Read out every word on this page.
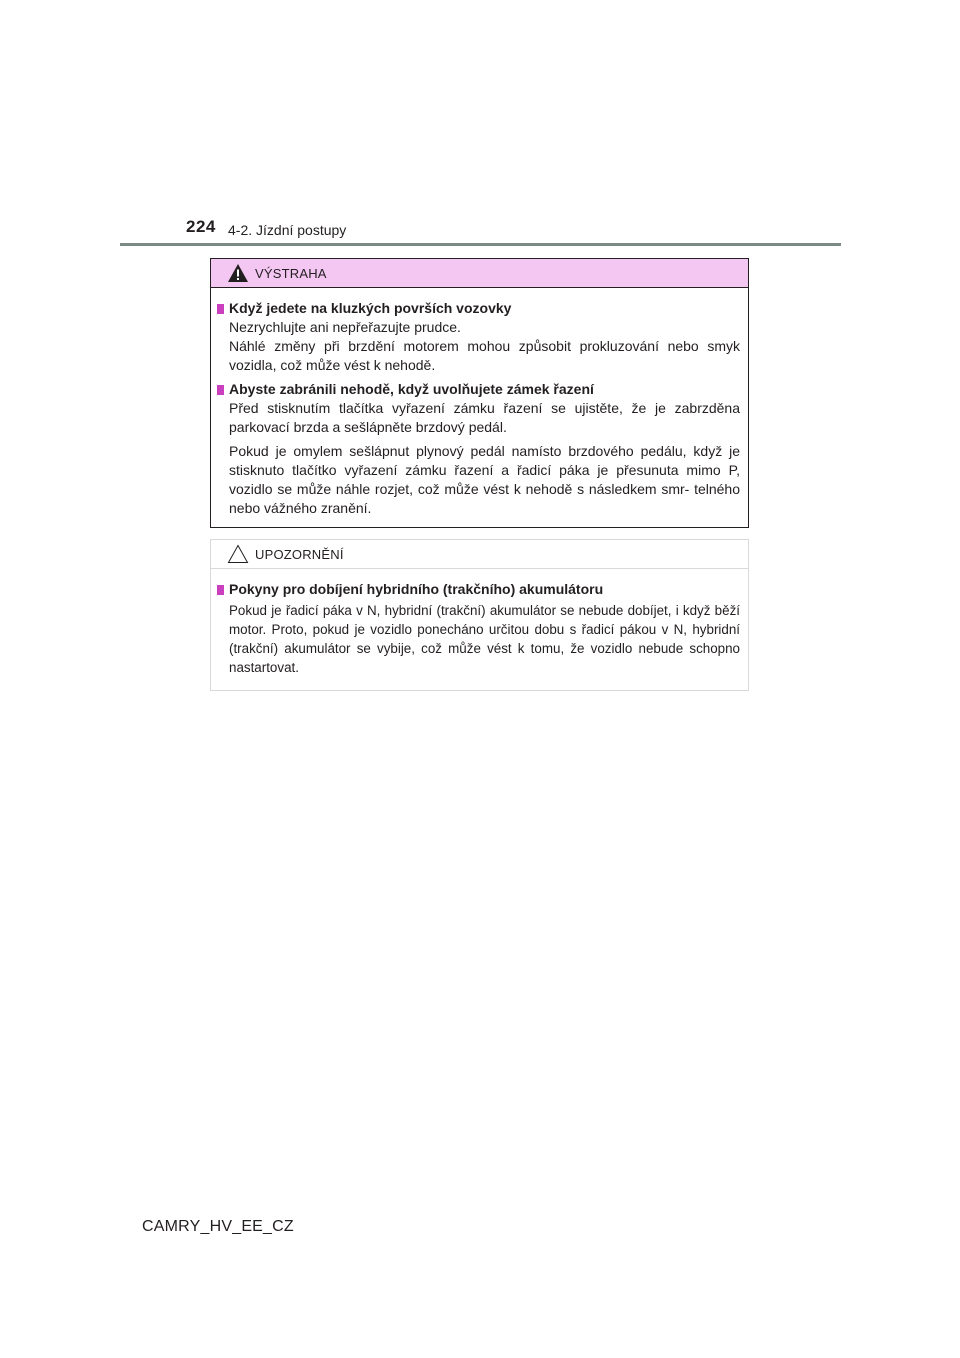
224 4-2. Jízdní postupy
VÝSTRAHA
Když jedete na kluzkých površích vozovky
Nezrychlujte ani nepřeřazujte prudce.
Náhlé změny při brzdění motorem mohou způsobit prokluzování nebo smyk vozidla, což může vést k nehodě.
Abyste zabránili nehodě, když uvolňujete zámek řazení
Před stisknutím tlačítka vyřazení zámku řazení se ujistěte, že je zabrzděna parkovací brzda a sešlápněte brzdový pedál.
Pokud je omylem sešlápnut plynový pedál namísto brzdového pedálu, když je stisknuto tlačítko vyřazení zámku řazení a řadicí páka je přesunuta mimo P, vozidlo se může náhle rozjet, což může vést k nehodě s následkem smr- telného nebo vážného zranění.
UPOZORNĚNÍ
Pokyny pro dobíjení hybridního (trakčního) akumulátoru
Pokud je řadicí páka v N, hybridní (trakční) akumulátor se nebude dobíjet, i když běží motor. Proto, pokud je vozidlo ponecháno určitou dobu s řadicí pákou v N, hybridní (trakční) akumulátor se vybije, což může vést k tomu, že vozidlo nebude schopno nastartovat.
CAMRY_HV_EE_CZ
